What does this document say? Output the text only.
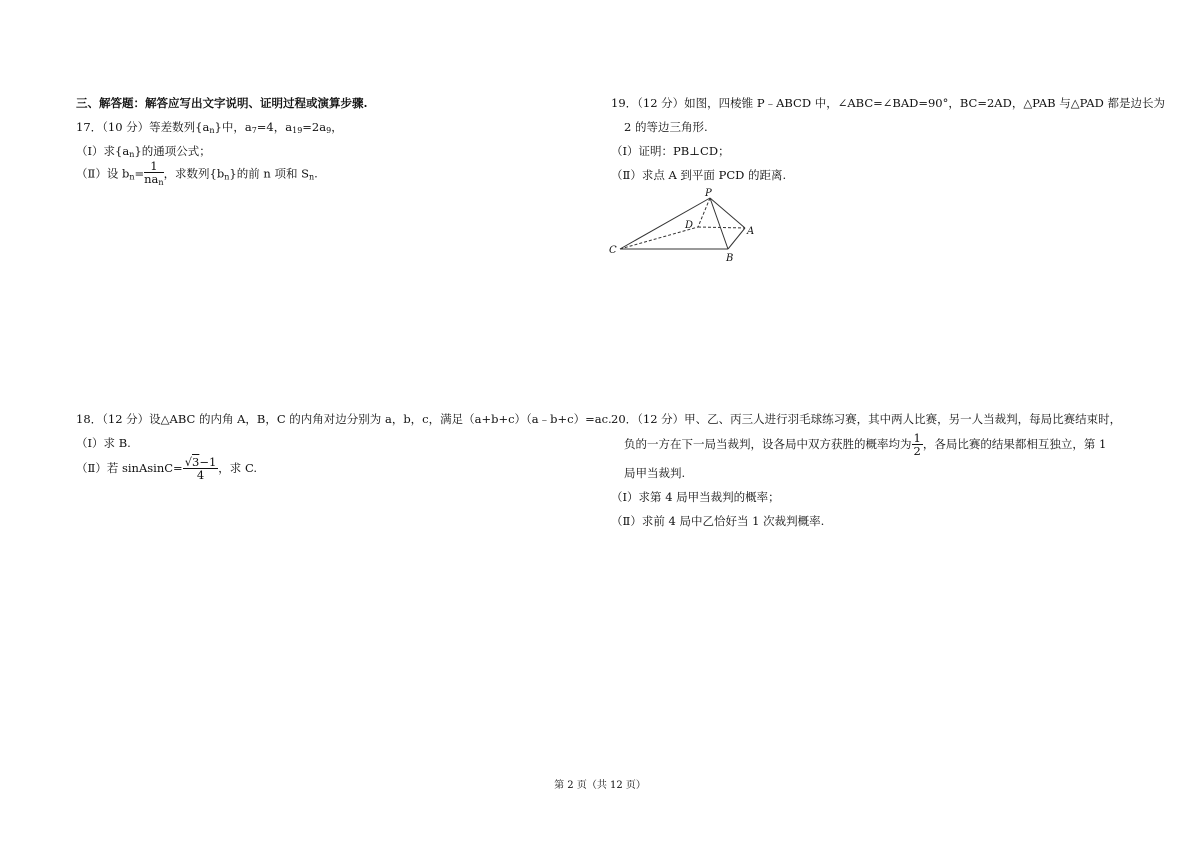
三、解答题：解答应写出文字说明、证明过程或演算步骤.
17．（10 分）等差数列$\{a_n\}$中，$a_7=4$，$a_{19}=2a_9$，
（Ⅰ）求$\{a_n\}$的通项公式；
（Ⅱ）设 $b_n= \frac{1}{na_n}$ ，求数列$\{b_n\}$的前 n 项和 $S_n$.
18．（12 分）设△ABC 的内角 A，B，C 的内角对边分别为 a，b，c，满足（a+b+c）（a﹣b+c）=ac.
（Ⅰ）求 B.
（Ⅱ）若 sinAsinC= $\frac{√3-1}{4}$ ，求 C.
19．（12 分）如图，四棱锥 P﹣ABCD 中，∠ABC=∠BAD=90°，BC=2AD，△PAB 与△PAD 都是边长为
2 的等边三角形.
（Ⅰ）证明：PB⊥CD；
（Ⅱ）求点 A 到平面 PCD 的距离.
P
D
A
C
B
20．（12 分）甲、乙、丙三人进行羽毛球练习赛，其中两人比赛，另一人当裁判，每局比赛结束时，
负的一方在下一局当裁判，设各局中双方获胜的概率均为 $\frac{1}{2}$ ，各局比赛的结果都相互独立，第 1
局甲当裁判.
（Ⅰ）求第 4 局甲当裁判的概率；
（Ⅱ）求前 4 局中乙恰好当 1 次裁判概率.
第 2 页（共 12 页）
